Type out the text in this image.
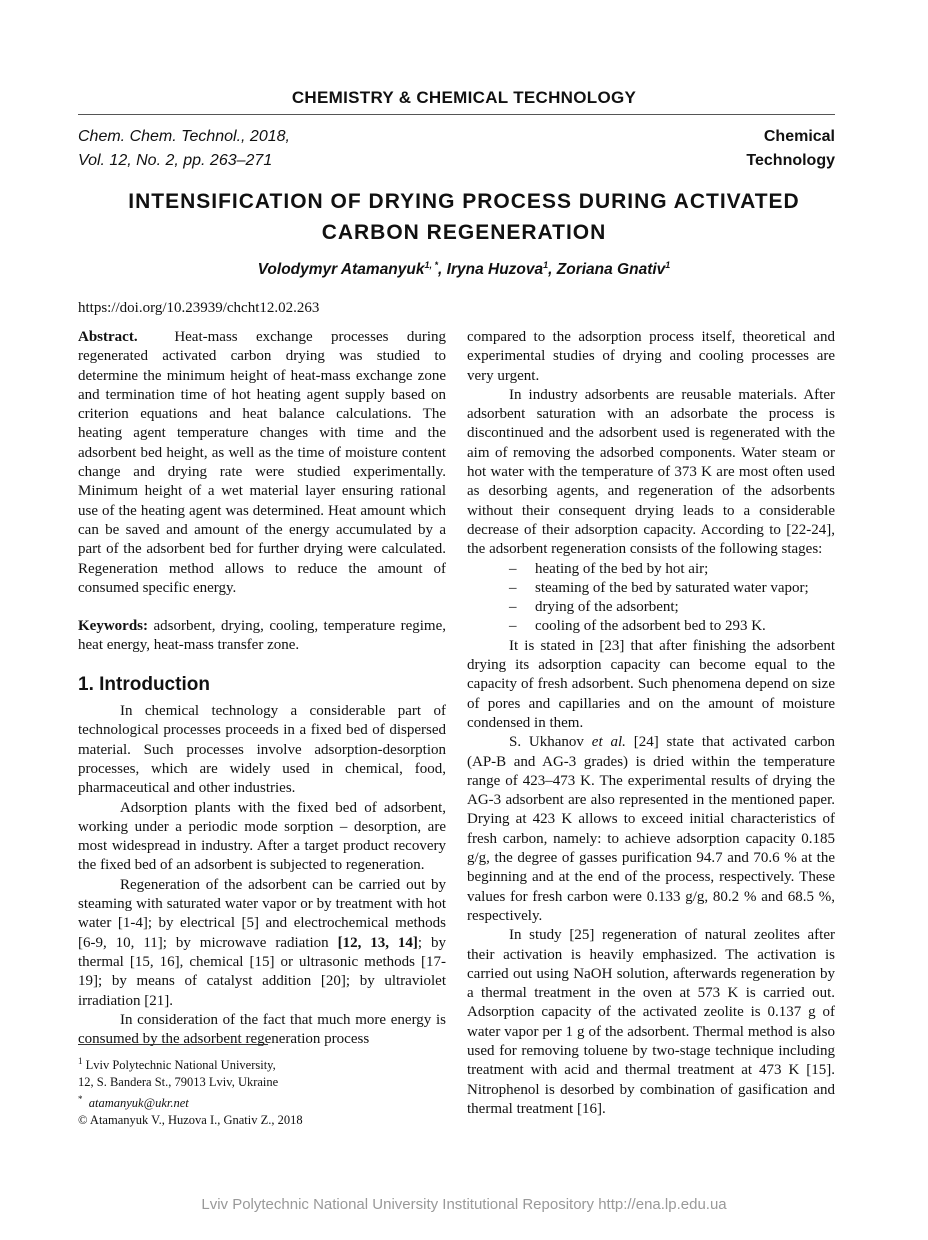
CHEMISTRY & CHEMICAL TECHNOLOGY
Chem. Chem. Technol., 2018,
Vol. 12, No. 2, pp. 263–271
Chemical
Technology
INTENSIFICATION OF DRYING PROCESS DURING ACTIVATED
CARBON REGENERATION
Volodymyr Atamanyuk$^{1, *}$, Iryna Huzova$^1$, Zoriana Gnativ$^1$
https://doi.org/10.23939/chcht12.02.263

Abstract. Heat-mass exchange processes during regenerated activated carbon drying was studied to determine the minimum height of heat-mass exchange zone and termination time of hot heating agent supply based on criterion equations and heat balance calculations. The heating agent temperature changes with time and the adsorbent bed height, as well as the time of moisture content change and drying rate were studied experimentally. Minimum height of a wet material layer ensuring rational use of the heating agent was determined. Heat amount which can be saved and amount of the energy accumulated by a part of the adsorbent bed for further drying were calculated. Regeneration method allows to reduce the amount of consumed specific energy.

Keywords: adsorbent, drying, cooling, temperature regime, heat energy, heat-mass transfer zone.

1. Introduction

In chemical technology a considerable part of technological processes proceeds in a fixed bed of dispersed material. Such processes involve adsorption-desorption processes, which are widely used in chemical, food, pharmaceutical and other industries.

Adsorption plants with the fixed bed of adsorbent, working under a periodic mode sorption – desorption, are most widespread in industry. After a target product recovery the fixed bed of an adsorbent is subjected to regeneration.

Regeneration of the adsorbent can be carried out by steaming with saturated water vapor or by treatment with hot water [1-4]; by electrical [5] and electrochemical methods [6-9, 10, 11]; by microwave radiation [12, 13, 14]; by thermal [15, 16], chemical [15] or ultrasonic methods [17-19]; by means of catalyst addition [20]; by ultraviolet irradiation [21].

In consideration of the fact that much more energy is consumed by the adsorbent regeneration process

compared to the adsorption process itself, theoretical and experimental studies of drying and cooling processes are very urgent.

In industry adsorbents are reusable materials. After adsorbent saturation with an adsorbate the process is discontinued and the adsorbent used is regenerated with the aim of removing the adsorbed components. Water steam or hot water with the temperature of 373 K are most often used as desorbing agents, and regeneration of the adsorbents without their consequent drying leads to a considerable decrease of their adsorption capacity. According to [22-24], the adsorbent regeneration consists of the following stages:

– heating of the bed by hot air;
– steaming of the bed by saturated water vapor;
– drying of the adsorbent;
– cooling of the adsorbent bed to 293 K.

It is stated in [23] that after finishing the adsorbent drying its adsorption capacity can become equal to the capacity of fresh adsorbent. Such phenomena depend on size of pores and capillaries and on the amount of moisture condensed in them.

S. Ukhanov et al. [24] state that activated carbon (AP-B and AG-3 grades) is dried within the temperature range of 423–473 K. The experimental results of drying the AG-3 adsorbent are also represented in the mentioned paper. Drying at 423 K allows to exceed initial characteristics of fresh carbon, namely: to achieve adsorption capacity 0.185 g/g, the degree of gasses purification 94.7 and 70.6 % at the beginning and at the end of the process, respectively. These values for fresh carbon were 0.133 g/g, 80.2 % and 68.5 %, respectively.

In study [25] regeneration of natural zeolites after their activation is heavily emphasized. The activation is carried out using NaOH solution, afterwards regeneration by a thermal treatment in the oven at 573 K is carried out. Adsorption capacity of the activated zeolite is 0.137 g of water vapor per 1 g of the adsorbent. Thermal method is also used for removing toluene by two-stage technique including treatment with acid and thermal treatment at 473 K [15]. Nitrophenol is desorbed by combination of gasification and thermal treatment [16].

$^1$ Lviv Polytechnic National University,
12, S. Bandera St., 79013 Lviv, Ukraine
* atamanyuk@ukr.net
© Atamanyuk V., Huzova I., Gnativ Z., 2018
Lviv Polytechnic National University Institutional Repository http://ena.lp.edu.ua
